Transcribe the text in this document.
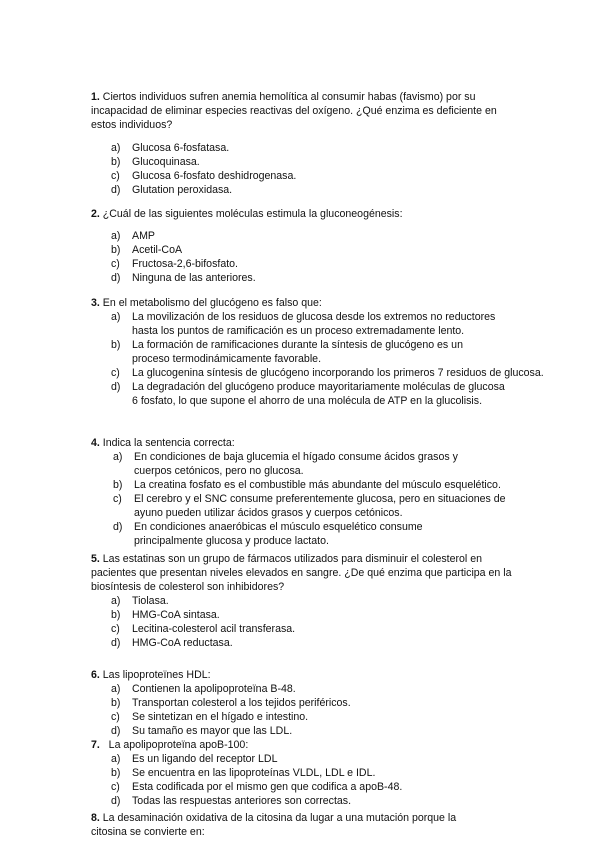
1. Ciertos individuos sufren anemia hemolítica al consumir habas (favismo) por su incapacidad de eliminar especies reactivas del oxígeno. ¿Qué enzima es deficiente en estos individuos?

a)	Glucosa 6-fosfatasa.
b)	Glucoquinasa.
c)	Glucosa 6-fosfato deshidrogenasa.
d)	Glutation peroxidasa.

2. ¿Cuál de las siguientes moléculas estimula la gluconeogénesis:

a)	AMP
b)	Acetil-CoA
c)	Fructosa-2,6-bifosfato.
d)	Ninguna de las anteriores.

3. En el metabolismo del glucógeno es falso que:

a)	La movilización de los residuos de glucosa desde los extremos no reductores hasta los puntos de ramificación es un proceso extremadamente lento.
b)	La formación de ramificaciones durante la síntesis de glucógeno es un proceso termodinámicamente favorable.
c)	La glucogenina síntesis de glucógeno incorporando los primeros 7 residuos de glucosa.
d)	La degradación del glucógeno produce mayoritariamente moléculas de glucosa 6 fosfato, lo que supone el ahorro de una molécula de ATP en la glucolisis.

4. Indica la sentencia correcta:

a)	En condiciones de baja glucemia el hígado consume ácidos grasos y cuerpos cetónicos, pero no glucosa.
b)	La creatina fosfato es el combustible más abundante del músculo esquelético.
c)	El cerebro y el SNC consume preferentemente glucosa, pero en situaciones de ayuno pueden utilizar ácidos grasos y cuerpos cetónicos.
d)	En condiciones anaeróbicas el músculo esquelético consume principalmente glucosa y produce lactato.

5. Las estatinas son un grupo de fármacos utilizados para disminuir el colesterol en pacientes que presentan niveles elevados en sangre. ¿De qué enzima que participa en la biosíntesis de colesterol son inhibidores?

a)	Tiolasa.
b)	HMG-CoA sintasa.
c)	Lecitina-colesterol acil transferasa.
d)	HMG-CoA reductasa.

6. Las lipoproteïnes HDL:

a)	Contienen la apolipoproteïna B-48.
b)	Transportan colesterol a los tejidos periféricos.
c)	Se sintetizan en el hígado e intestino.
d)	Su tamaño es mayor que las LDL.

7.   La apolipoproteïna apoB-100:

a)	Es un ligando del receptor LDL
b)	Se encuentra en las lipoproteínas VLDL, LDL e IDL.
c)	Esta codificada por el mismo gen que codifica a apoB-48.
d)	Todas las respuestas anteriores son correctas.

8. La desaminación oxidativa de la citosina da lugar a una mutación porque la citosina se convierte en:
